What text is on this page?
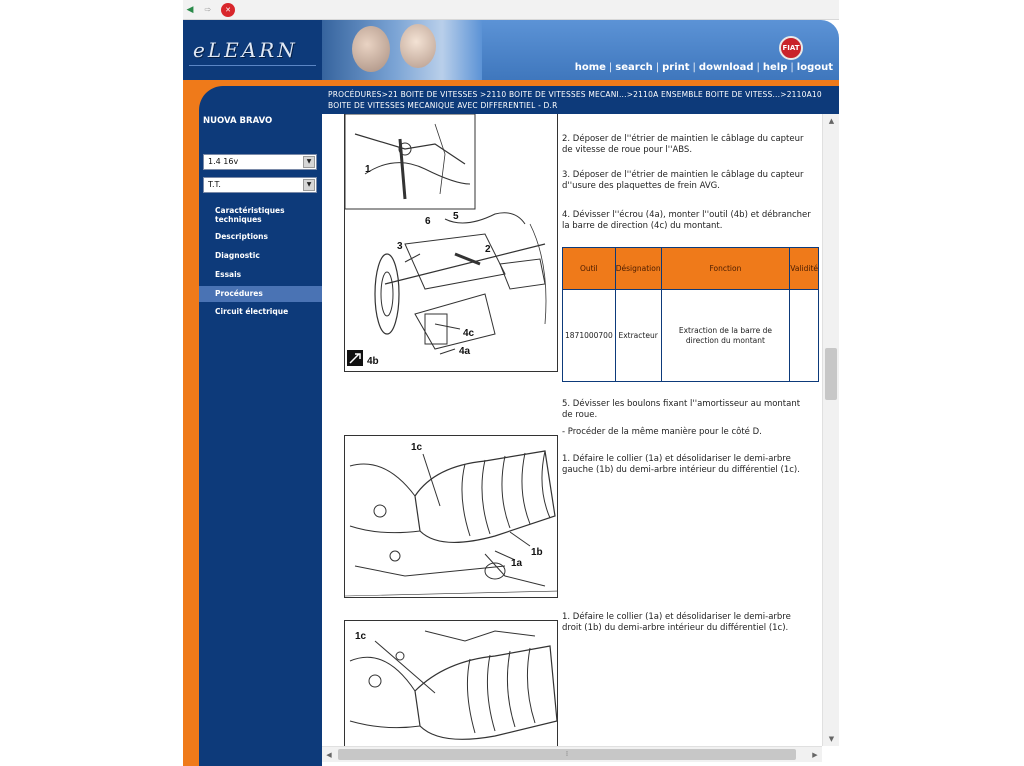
◀	⇨	✕
eLEARN	FIAT
home | search | print | download | help | logout
PROCÉDURES>21 BOITE DE VITESSES >2110 BOITE DE VITESSES MECANI...>2110A ENSEMBLE BOITE DE VITESS...>2110A10 BOITE DE VITESSES MECANIQUE AVEC DIFFERENTIEL - D.R
NUOVA BRAVO
1.4 16v	▼
T.T.	▼
Caractéristiques techniques
Descriptions
Diagnostic
Essais
Procédures
Circuit électrique
1
3
6 5
2
4c
4b
4a
2. Déposer de l''étrier de maintien le câblage du capteur de vitesse de roue pour l''ABS.
3. Déposer de l''étrier de maintien le câblage du capteur d''usure des plaquettes de frein AVG.
4. Dévisser l''écrou (4a), monter l''outil (4b) et débrancher la barre de direction (4c) du montant.
Outil	Désignation	Fonction	Validité
1871000700	Extracteur	Extraction de la barre de direction du montant	
5. Dévisser les boulons fixant l''amortisseur au montant de roue.
- Procéder de la même manière pour le côté D.
1c
1b
1a
1. Défaire le collier (1a) et désolidariser le demi-arbre gauche (1b) du demi-arbre intérieur du différentiel (1c).
1c
1. Défaire le collier (1a) et désolidariser le demi-arbre droit (1b) du demi-arbre intérieur du différentiel (1c).
▲
▼
◀	⁞	▶
